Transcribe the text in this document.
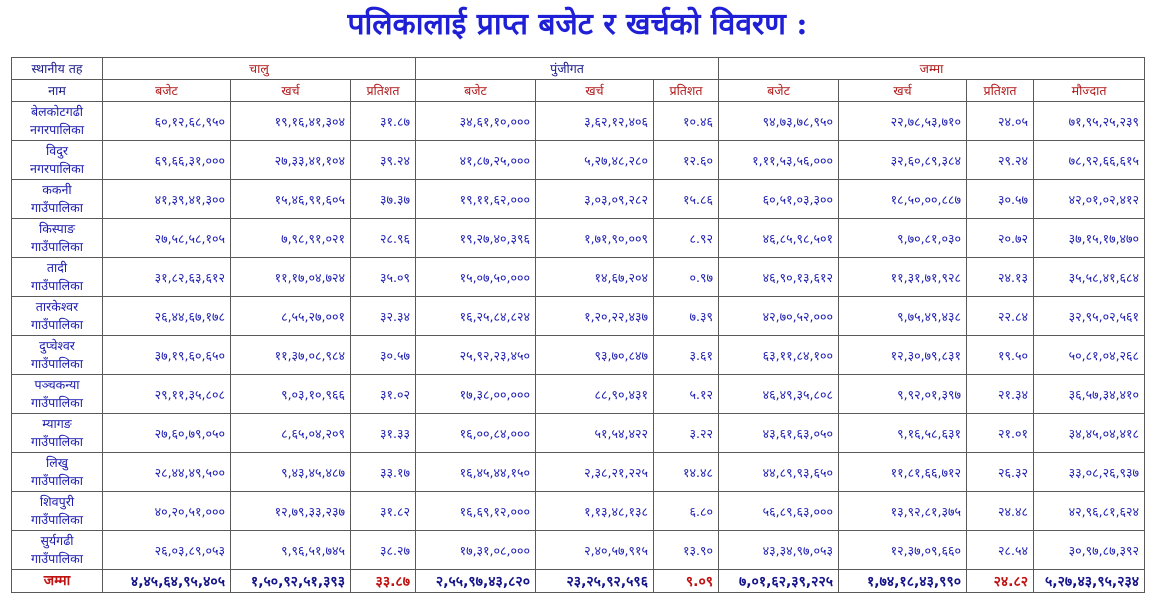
पलिकालाई प्राप्त बजेट र खर्चको विवरण :
स्थानीय तह	चालु			पुंजीगत			जम्मा			
नाम	बजेट	खर्च	प्रतिशत	बजेट	खर्च	प्रतिशत	बजेट	खर्च	प्रतिशत	मौज्दात

बेलकोटगढी
नगरपालिका	६०,१२,६८,९५०	१९,१६,४१,३०४	३१.८७	३४,६१,१०,०००	३,६२,१२,४०६	१०.४६	९४,७३,७८,९५०	२२,७८,५३,७१०	२४.०५	७१,९५,२५,२३९

विदुर
नगरपालिका	६९,६६,३१,०००	२७,३३,४१,१०४	३९.२४	४१,८७,२५,०००	५,२७,४८,२८०	१२.६०	१,११,५३,५६,०००	३२,६०,८९,३८४	२९.२४	७८,९२,६६,६१५

ककनी
गाउँपालिका	४१,३९,४१,३००	१५,४६,९१,६०५	३७.३७	१९,११,६२,०००	३,०३,०९,२८२	१५.८६	६०,५१,०३,३००	१८,५०,००,८८७	३०.५७	४२,०१,०२,४१२

किस्पाङ
गाउँपालिका	२७,५८,५८,१०५	७,९८,९१,०२१	२८.९६	१९,२७,४०,३९६	१,७१,९०,००९	८.९२	४६,८५,९८,५०१	९,७०,८१,०३०	२०.७२	३७,१५,१७,४७०

तादी
गाउँपालिका	३१,८२,६३,६१२	११,१७,०४,७२४	३५.०९	१५,०७,५०,०००	१४,६७,२०४	०.९७	४६,९०,१३,६१२	११,३१,७१,९२८	२४.१३	३५,५८,४१,६८४

तारकेश्वर
गाउँपालिका	२६,४४,६७,१७८	८,५५,२७,००१	३२.३४	१६,२५,८४,८२४	१,२०,२२,४३७	७.३९	४२,७०,५२,०००	९,७५,४९,४३८	२२.८४	३२,९५,०२,५६१

दुप्चेश्वर
गाउँपालिका	३७,१९,६०,६५०	११,३७,०८,९८४	३०.५७	२५,९२,२३,४५०	९३,७०,८४७	३.६१	६३,११,८४,१००	१२,३०,७९,८३१	१९.५०	५०,८१,०४,२६८

पञ्चकन्या
गाउँपालिका	२९,११,३५,८०८	९,०३,१०,९६६	३१.०२	१७,३८,००,०००	८८,९०,४३१	५.१२	४६,४९,३५,८०८	९,९२,०१,३९७	२१.३४	३६,५७,३४,४१०

म्यागङ
गाउँपालिका	२७,६०,७९,०५०	८,६५,०४,२०९	३१.३३	१६,००,८४,०००	५१,५४,४२२	३.२२	४३,६१,६३,०५०	९,१६,५८,६३१	२१.०१	३४,४५,०४,४१८

लिखु
गाउँपालिका	२८,४४,४९,५००	९,४३,४५,४८७	३३.१७	१६,४५,४४,१५०	२,३८,२१,२२५	१४.४८	४४,८९,९३,६५०	११,८१,६६,७१२	२६.३२	३३,०८,२६,९३७

शिवपुरी
गाउँपालिका	४०,२०,५१,०००	१२,७९,३३,२३७	३१.८२	१६,६९,१२,०००	१,१३,४८,१३८	६.८०	५६,८९,६३,०००	१३,९२,८१,३७५	२४.४८	४२,९६,८१,६२४

सुर्यगढी
गाउँपालिका	२६,०३,८९,०५३	९,९६,५१,७४५	३८.२७	१७,३१,०८,०००	२,४०,५७,९१५	१३.९०	४३,३४,९७,०५३	१२,३७,०९,६६०	२८.५४	३०,९७,८७,३९२
जम्मा	४,४५,६४,९५,४०५	१,५०,९२,५१,३९३	३३.८७	२,५५,९७,४३,८२०	२३,२५,९२,५९६	९.०९	७,०१,६२,३९,२२५	१,७४,१८,४३,९९०	२४.८२	५,२७,४३,९५,२३४
